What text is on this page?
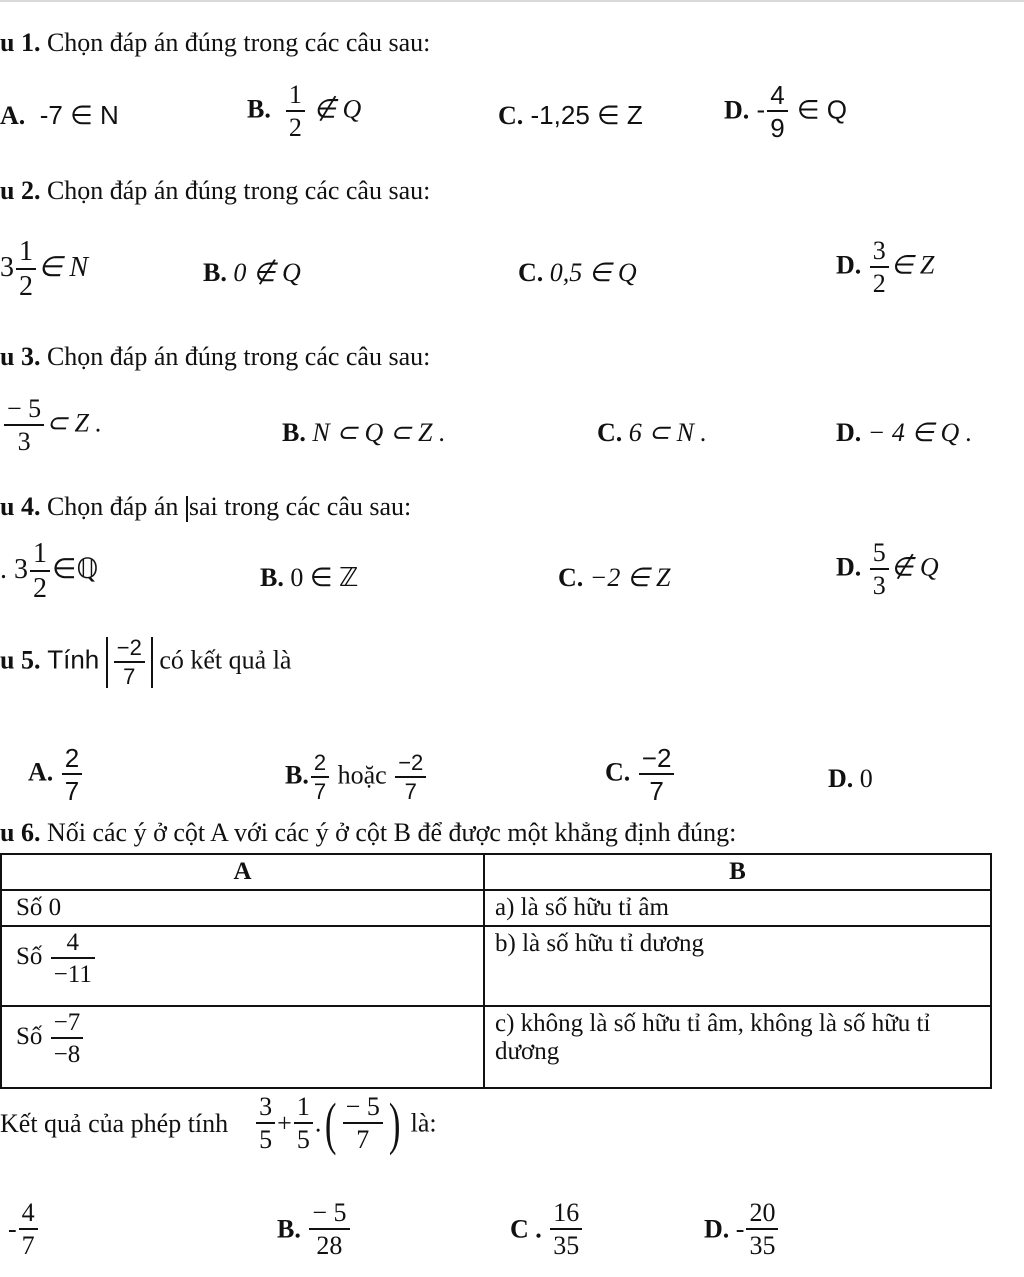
u 1. Chọn đáp án đúng trong các câu sau:
A. -7 ∈ N	B. $\frac{1}{2}$ ∉ Q	C. -1,25 ∈ Z	D. - $\frac{4}{9}$ ∈ Q
u 2. Chọn đáp án đúng trong các câu sau:
$3 \frac{1}{2}$ ∈ N	B. 0 ∉ Q	C. 0,5 ∈ Q	D. $\frac{3}{2}$ ∈ Z
u 3. Chọn đáp án đúng trong các câu sau:
$\frac{- 5}{3}$ ⊂ Z .	B. N ⊂ Q ⊂ Z .	C. 6 ⊂ N .	D. − 4 ∈ Q .
u 4. Chọn đáp án sai trong các câu sau:
. $3 \frac{1}{2}$ ∈ℚ	B. 0 ∈ ℤ	C. −2 ∈ Z	D. $\frac{5}{3}$ ∉ Q
u 5. Tính $\frac{-2}{7}$ có kết quả là
A. $\frac{2}{7}$	B. $\frac{2}{7}$ hoặc $\frac{-2}{7}$	C. $\frac{-2}{7}$	D. 0
u 6. Nối các ý ở cột A với các ý ở cột B để được một khẳng định đúng:
A	B
Số 0	a) là số hữu tỉ âm
Số $\frac{4}{-11}$	b) là số hữu tỉ dương
Số $\frac{-7}{-8}$	c) không là số hữu tỉ âm, không là số hữu tỉ dương
Kết quả của phép tính $\frac{3}{5} + \frac{1}{5}$ .( $\frac{- 5}{7}$ ) là:
- $\frac{4}{7}$	B. $\frac{- 5}{28}$	C . $\frac{16}{35}$	D. - $\frac{20}{35}$
